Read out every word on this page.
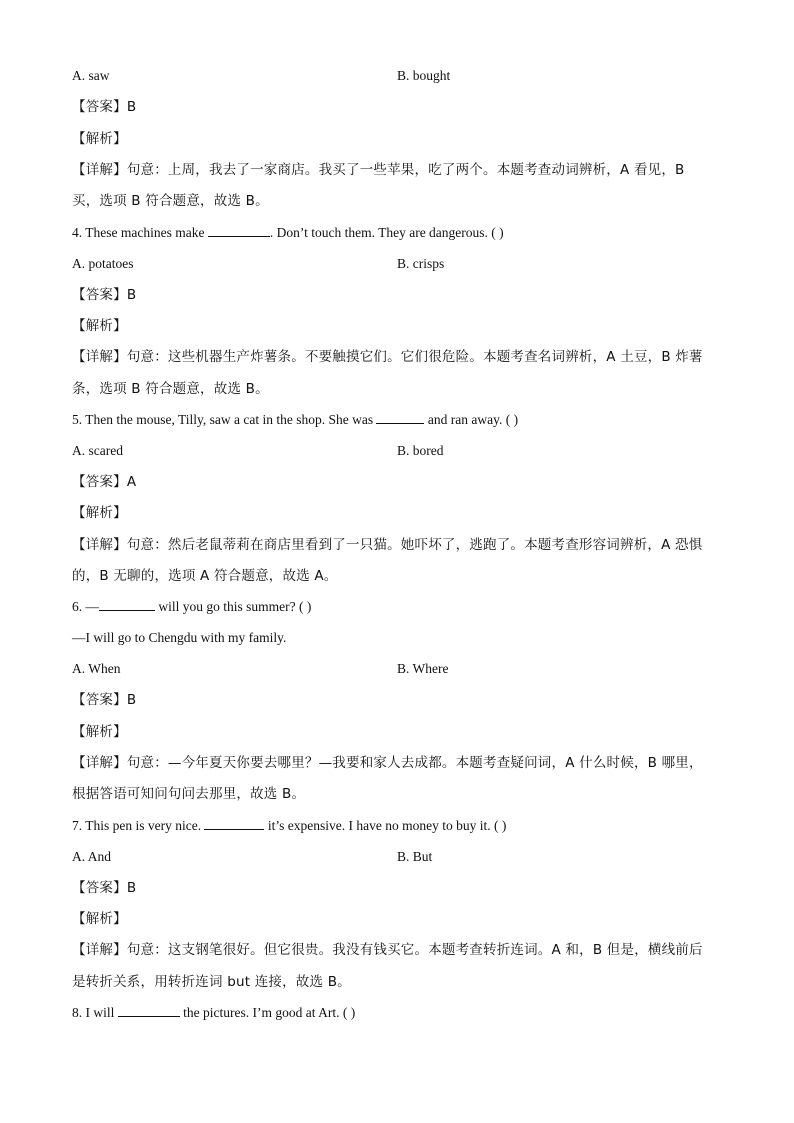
A. saw	B. bought
【答案】B
【解析】
【详解】句意：上周，我去了一家商店。我买了一些苹果，吃了两个。本题考查动词辨析，A 看见，B
买，选项 B 符合题意，故选 B。
4. These machines make	. Don’t touch them. They are dangerous. ( )
A. potatoes	B. crisps
【答案】B
【解析】
【详解】句意：这些机器生产炸薯条。不要触摸它们。它们很危险。本题考查名词辨析，A 土豆，B 炸薯
条，选项 B 符合题意，故选 B。
5. Then the mouse, Tilly, saw a cat in the shop. She was	and ran away. ( )
A. scared	B. bored
【答案】A
【解析】
【详解】句意：然后老鼠蒂莉在商店里看到了一只猫。她吓坏了，逃跑了。本题考查形容词辨析，A 恐惧
的，B 无聊的，选项 A 符合题意，故选 A。
6. —	will you go this summer? ( )
—I will go to Chengdu with my family.
A. When	B. Where
【答案】B
【解析】
【详解】句意：—今年夏天你要去哪里？—我要和家人去成都。本题考查疑问词，A 什么时候，B 哪里，
根据答语可知问句问去那里，故选 B。
7. This pen is very nice.	it’s expensive. I have no money to buy it. ( )
A. And	B. But
【答案】B
【解析】
【详解】句意：这支钢笔很好。但它很贵。我没有钱买它。本题考查转折连词。A 和，B 但是，横线前后
是转折关系，用转折连词 but 连接，故选 B。
8. I will	the pictures. I’m good at Art. ( )
